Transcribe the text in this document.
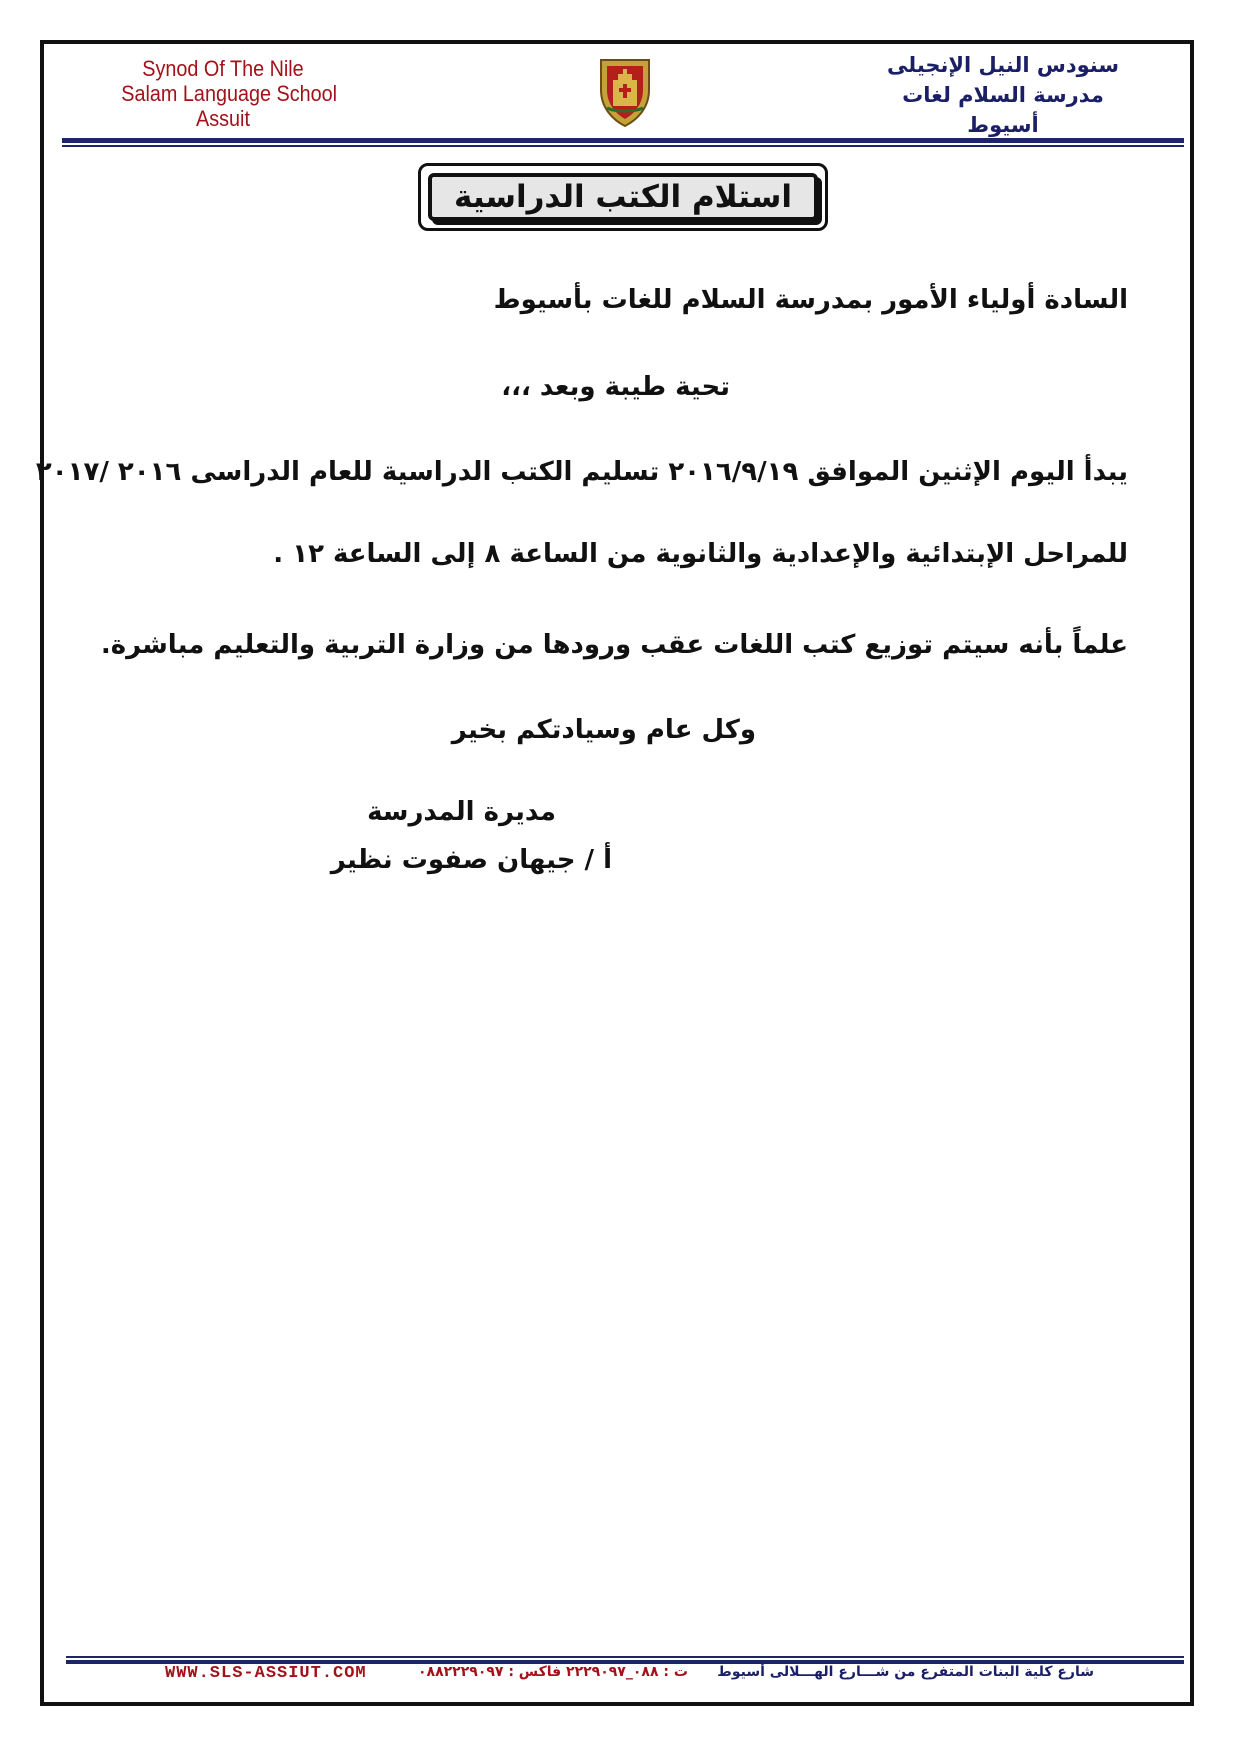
Synod Of The Nile
Salam Language School
Assuit
سنودس النيل الإنجيلى
مدرسة السلام لغات
أسيوط
استلام الكتب الدراسية
السادة أولياء الأمور بمدرسة السلام للغات بأسيوط
تحية طيبة وبعد ،،،
يبدأ اليوم الإثنين الموافق ٢٠١٦/٩/١٩ تسليم الكتب الدراسية للعام الدراسى ٢٠١٦ /٢٠١٧
للمراحل الإبتدائية والإعدادية والثانوية من الساعة ٨ إلى الساعة ١٢ .
علماً بأنه سيتم توزيع كتب اللغات عقب ورودها من وزارة التربية والتعليم مباشرة.
وكل عام وسيادتكم بخير
مديرة المدرسة
أ / جيهان صفوت نظير
WWW.SLS-ASSIUT.COM	ت : ٠٨٨_٢٢٢٩٠٩٧ فاكس : ٠٨٨٢٢٢٩٠٩٧ شارع كلية البنات المتفرع من شـــارع الهـــلالى أسيوط
